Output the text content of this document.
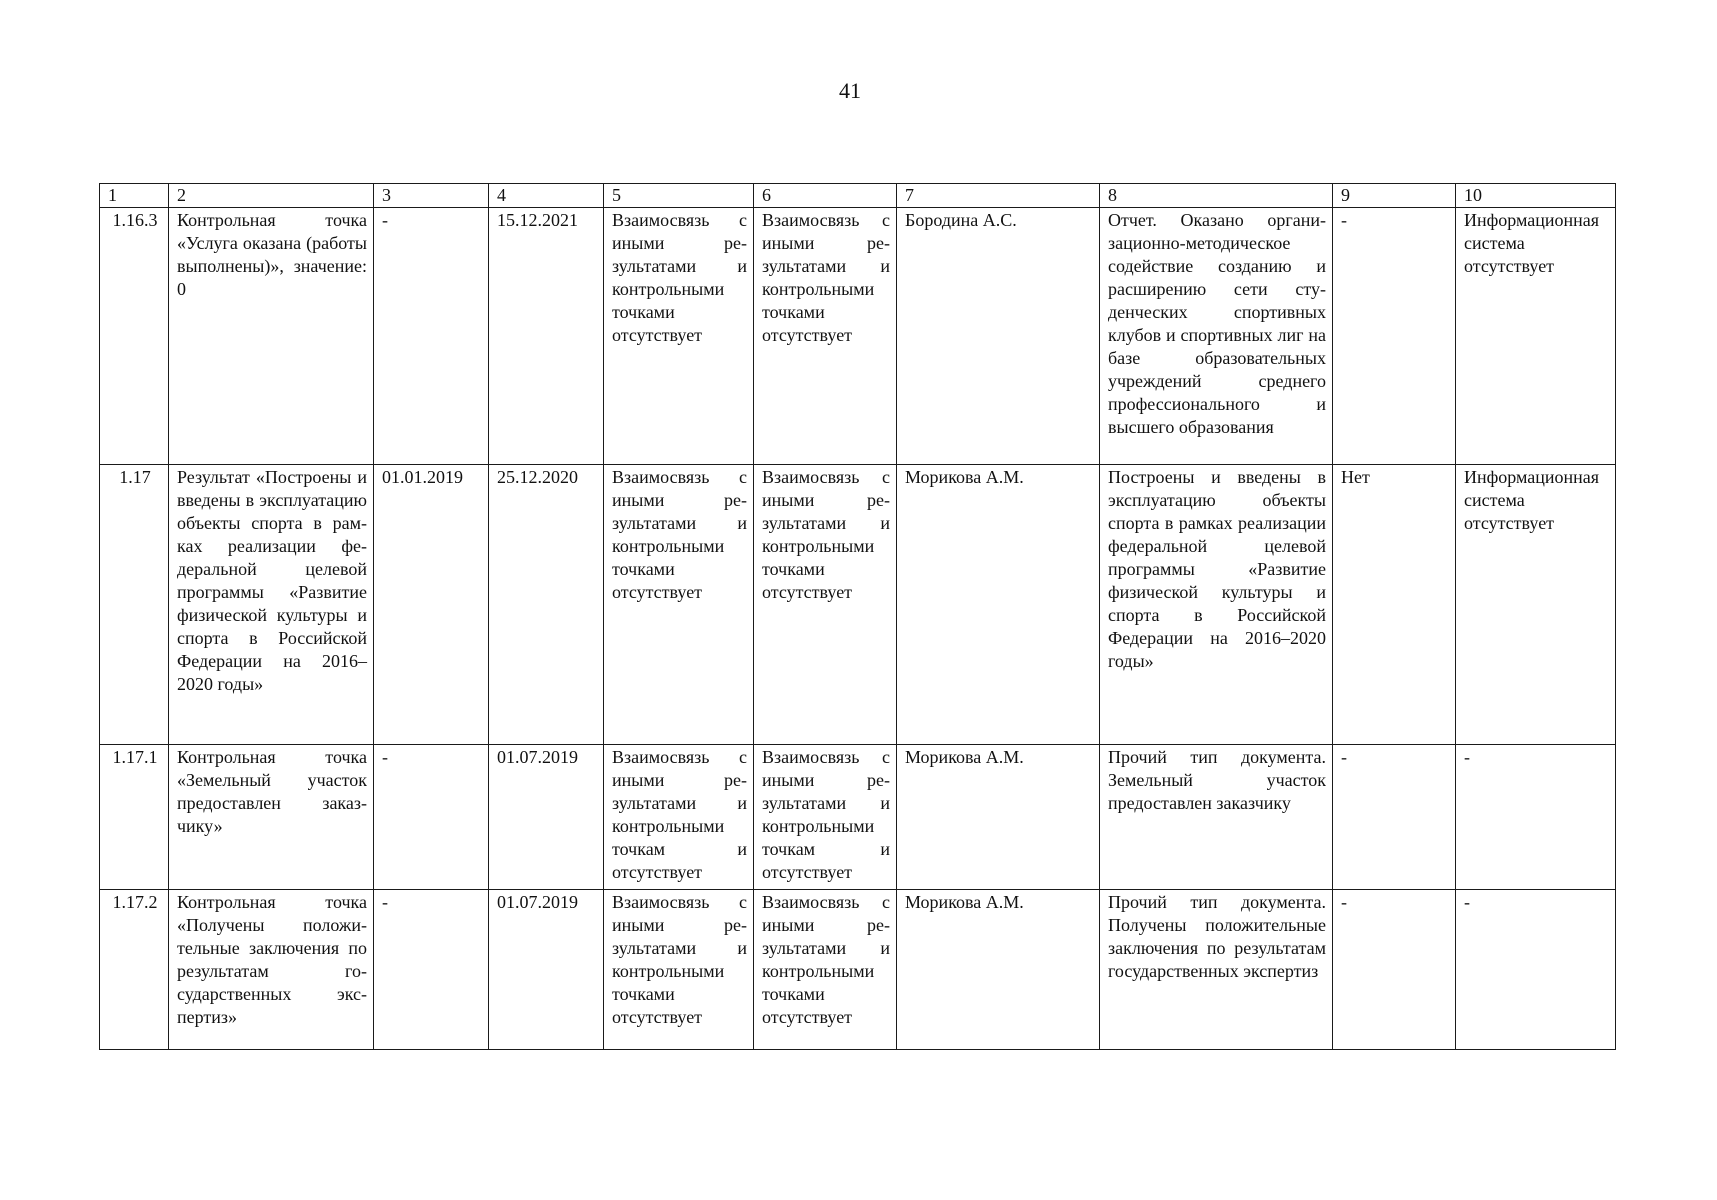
41
1	2	3	4	5	6	7	8	9	10
1.16.3	Контрольная точка «Услуга оказана (работы выполнены)», значение: 0	-	15.12.2021	Взаимосвязь с иными результатами и контрольными точками отсутствует	Взаимосвязь с иными результатами и контрольными точками отсутствует	Бородина А.С.	Отчет. Оказано организационно-методическое содействие созданию и расширению сети студенческих спортивных клубов и спортивных лиг на базе образовательных учреждений среднего профессионального и высшего образования	-	Информационная система отсутствует
1.17	Результат «Построены и введены в эксплуатацию объекты спорта в рамках реализации федеральной целевой программы «Развитие физической культуры и спорта в Российской Федерации на 2016–2020 годы»	01.01.2019	25.12.2020	Взаимосвязь с иными результатами и контрольными точками отсутствует	Взаимосвязь с иными результатами и контрольными точками отсутствует	Морикова А.М.	Построены и введены в эксплуатацию объекты спорта в рамках реализации федеральной целевой программы «Развитие физической культуры и спорта в Российской Федерации на 2016–2020 годы»	Нет	Информационная система отсутствует
1.17.1	Контрольная точка «Земельный участок предоставлен заказчику»	-	01.07.2019	Взаимосвязь с иными результатами и контрольными точкам и отсутствует	Взаимосвязь с иными результатами и контрольными точкам и отсутствует	Морикова А.М.	Прочий тип документа. Земельный участок предоставлен заказчику	-	-
1.17.2	Контрольная точка «Получены положительные заключения по результатам государственных экспертиз»	-	01.07.2019	Взаимосвязь с иными результатами и контрольными точками отсутствует	Взаимосвязь с иными результатами и контрольными точками отсутствует	Морикова А.М.	Прочий тип документа. Получены положительные заключения по результатам государственных экспертиз	-	-
